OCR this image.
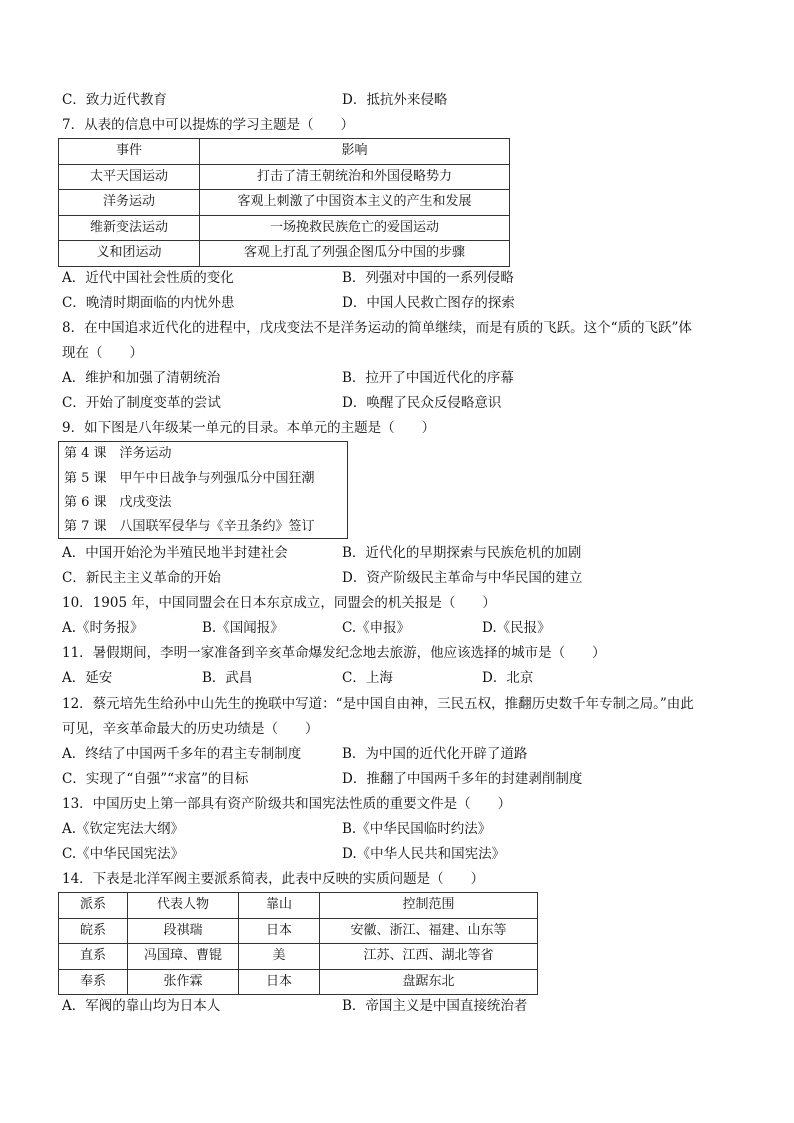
C．致力近代教育	D．抵抗外来侵略
7．从表的信息中可以提炼的学习主题是（　　）
事件	影响
太平天国运动	打击了清王朝统治和外国侵略势力
洋务运动	客观上刺激了中国资本主义的产生和发展
维新变法运动	一场挽救民族危亡的爱国运动
义和团运动	客观上打乱了列强企图瓜分中国的步骤
A．近代中国社会性质的变化	B．列强对中国的一系列侵略
C．晚清时期面临的内忧外患	D．中国人民救亡图存的探索
8．在中国追求近代化的进程中，戊戌变法不是洋务运动的简单继续，而是有质的飞跃。这个“质的飞跃”体
现在（　　）
A．维护和加强了清朝统治	B．拉开了中国近代化的序幕
C．开始了制度变革的尝试	D．唤醒了民众反侵略意识
9．如下图是八年级某一单元的目录。本单元的主题是（　　）
第 4 课　洋务运动
第 5 课　甲午中日战争与列强瓜分中国狂潮
第 6 课　戊戌变法
第 7 课　八国联军侵华与《辛丑条约》签订
A．中国开始沦为半殖民地半封建社会	B．近代化的早期探索与民族危机的加剧
C．新民主主义革命的开始	D．资产阶级民主革命与中华民国的建立
10．1905 年，中国同盟会在日本东京成立，同盟会的机关报是（　　）
A.《时务报》	B.《国闻报》	C.《申报》	D.《民报》
11．暑假期间，李明一家准备到辛亥革命爆发纪念地去旅游，他应该选择的城市是（　　）
A．延安	B．武昌	C．上海	D．北京
12．蔡元培先生给孙中山先生的挽联中写道：“是中国自由神，三民五权，推翻历史数千年专制之局。”由此
可见，辛亥革命最大的历史功绩是（　　）
A．终结了中国两千多年的君主专制制度	B．为中国的近代化开辟了道路
C．实现了“自强”“求富”的目标	D．推翻了中国两千多年的封建剥削制度
13．中国历史上第一部具有资产阶级共和国宪法性质的重要文件是（　　）
A.《钦定宪法大纲》	B.《中华民国临时约法》
C.《中华民国宪法》	D.《中华人民共和国宪法》
14．下表是北洋军阀主要派系简表，此表中反映的实质问题是（　　）
派系	代表人物	靠山	控制范围
皖系	段祺瑞	日本	安徽、浙江、福建、山东等
直系	冯国璋、曹锟	美	江苏、江西、湖北等省
奉系	张作霖	日本	盘踞东北
A．军阀的靠山均为日本人	B．帝国主义是中国直接统治者
